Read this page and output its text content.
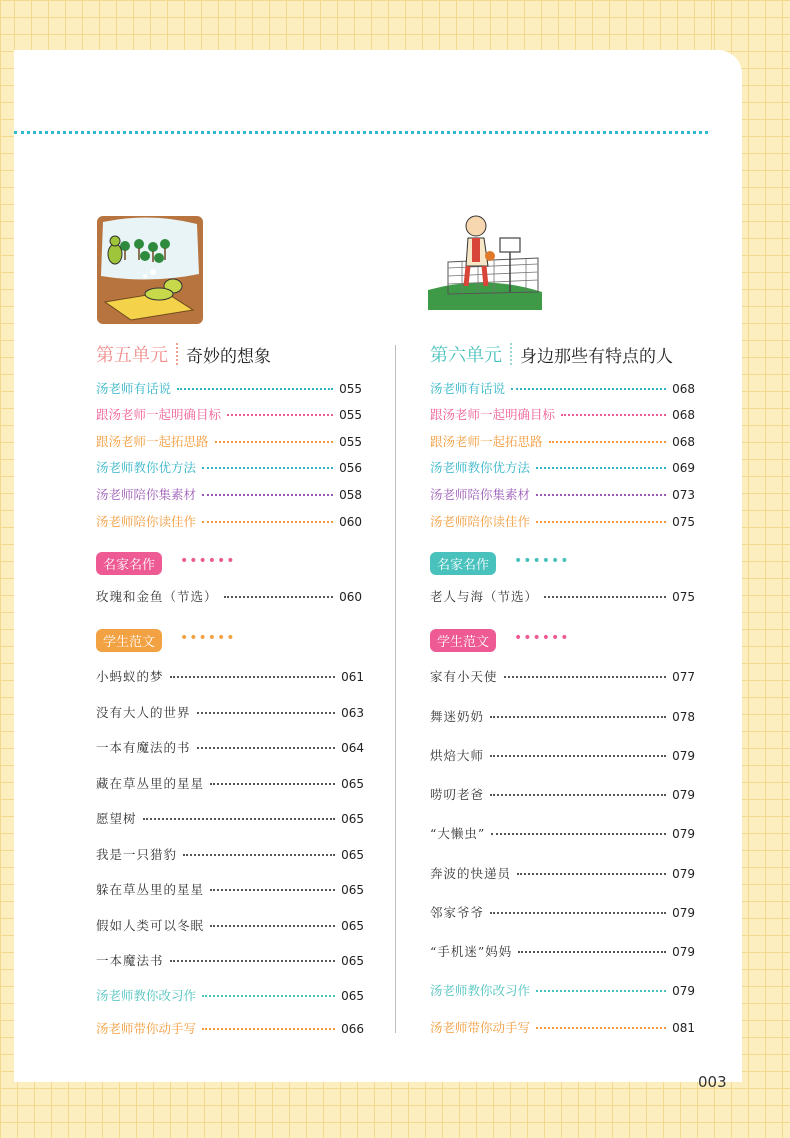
第五单元 奇妙的想象
汤老师有话说	055
跟汤老师一起明确目标	055
跟汤老师一起拓思路	055
汤老师教你优方法	056
汤老师陪你集素材	058
汤老师陪你读佳作	060
名家名作	••••••
玫瑰和金鱼（节选）	060
学生范文	••••••
小蚂蚁的梦	061
没有大人的世界	063
一本有魔法的书	064
藏在草丛里的星星	065
愿望树	065
我是一只猎豹	065
躲在草丛里的星星	065
假如人类可以冬眠	065
一本魔法书	065
汤老师教你改习作	065
汤老师带你动手写	066
第六单元 身边那些有特点的人
汤老师有话说	068
跟汤老师一起明确目标	068
跟汤老师一起拓思路	068
汤老师教你优方法	069
汤老师陪你集素材	073
汤老师陪你读佳作	075
名家名作	••••••
老人与海（节选）	075
学生范文	••••••
家有小天使	077
舞迷奶奶	078
烘焙大师	079
唠叨老爸	079
“大懒虫”	079
奔波的快递员	079
邻家爷爷	079
“手机迷”妈妈	079
汤老师教你改习作	079
汤老师带你动手写	081
003
